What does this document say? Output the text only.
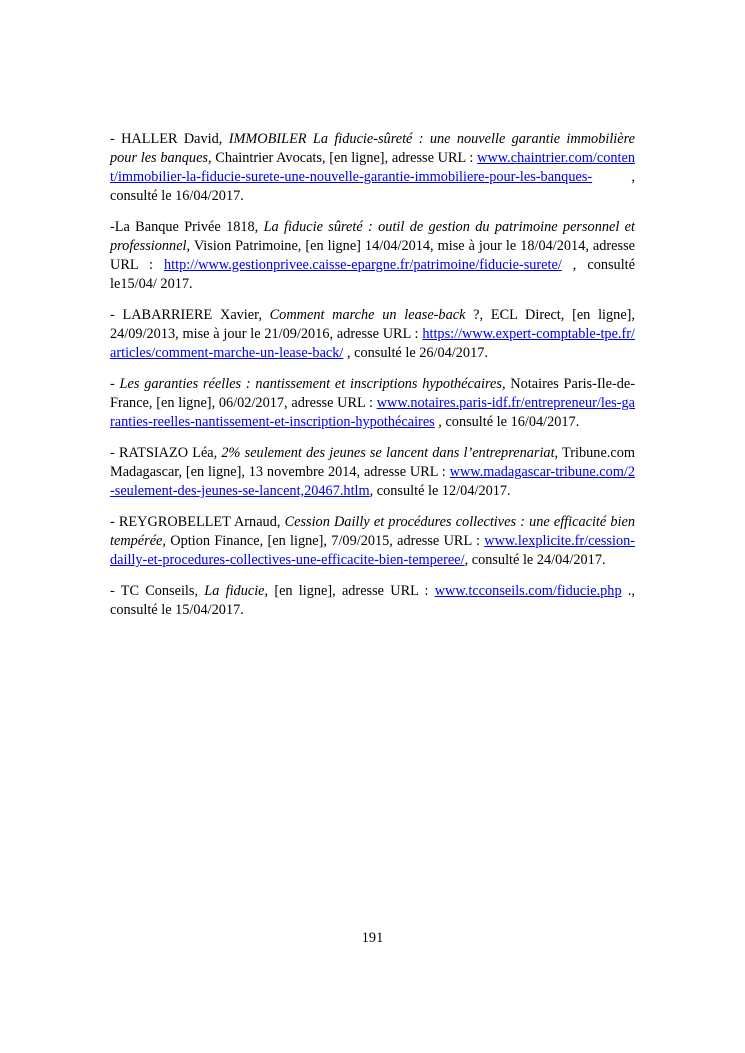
- HALLER David, IMMOBILER La fiducie-sûreté : une nouvelle garantie immobilière pour les banques, Chaintrier Avocats, [en ligne], adresse URL : www.chaintrier.com/content/immobilier-la-fiducie-surete-une-nouvelle-garantie-immobiliere-pour-les-banques- , consulté le 16/04/2017.

-La Banque Privée 1818, La fiducie sûreté : outil de gestion du patrimoine personnel et professionnel, Vision Patrimoine, [en ligne] 14/04/2014, mise à jour le 18/04/2014, adresse URL : http://www.gestionprivee.caisse-epargne.fr/patrimoine/fiducie-surete/ , consulté le15/04/ 2017.

- LABARRIERE Xavier, Comment marche un lease-back ?, ECL Direct, [en ligne], 24/09/2013, mise à jour le 21/09/2016, adresse URL : https://www.expert-comptable-tpe.fr/articles/comment-marche-un-lease-back/ , consulté le 26/04/2017.

- Les garanties réelles : nantissement et inscriptions hypothécaires, Notaires Paris-Ile-de-France, [en ligne], 06/02/2017, adresse URL : www.notaires.paris-idf.fr/entrepreneur/les-garanties-reelles-nantissement-et-inscription-hypothécaires , consulté le 16/04/2017.

- RATSIAZO Léa, 2% seulement des jeunes se lancent dans l’entreprenariat, Tribune.com Madagascar, [en ligne], 13 novembre 2014, adresse URL : www.madagascar-tribune.com/2-seulement-des-jeunes-se-lancent,20467.htlm, consulté le 12/04/2017.

- REYGROBELLET Arnaud, Cession Dailly et procédures collectives : une efficacité bien tempérée, Option Finance, [en ligne], 7/09/2015, adresse URL : www.lexplicite.fr/cession-dailly-et-procedures-collectives-une-efficacite-bien-temperee/, consulté le 24/04/2017.

- TC Conseils, La fiducie, [en ligne], adresse URL : www.tcconseils.com/fiducie.php ., consulté le 15/04/2017.

191
